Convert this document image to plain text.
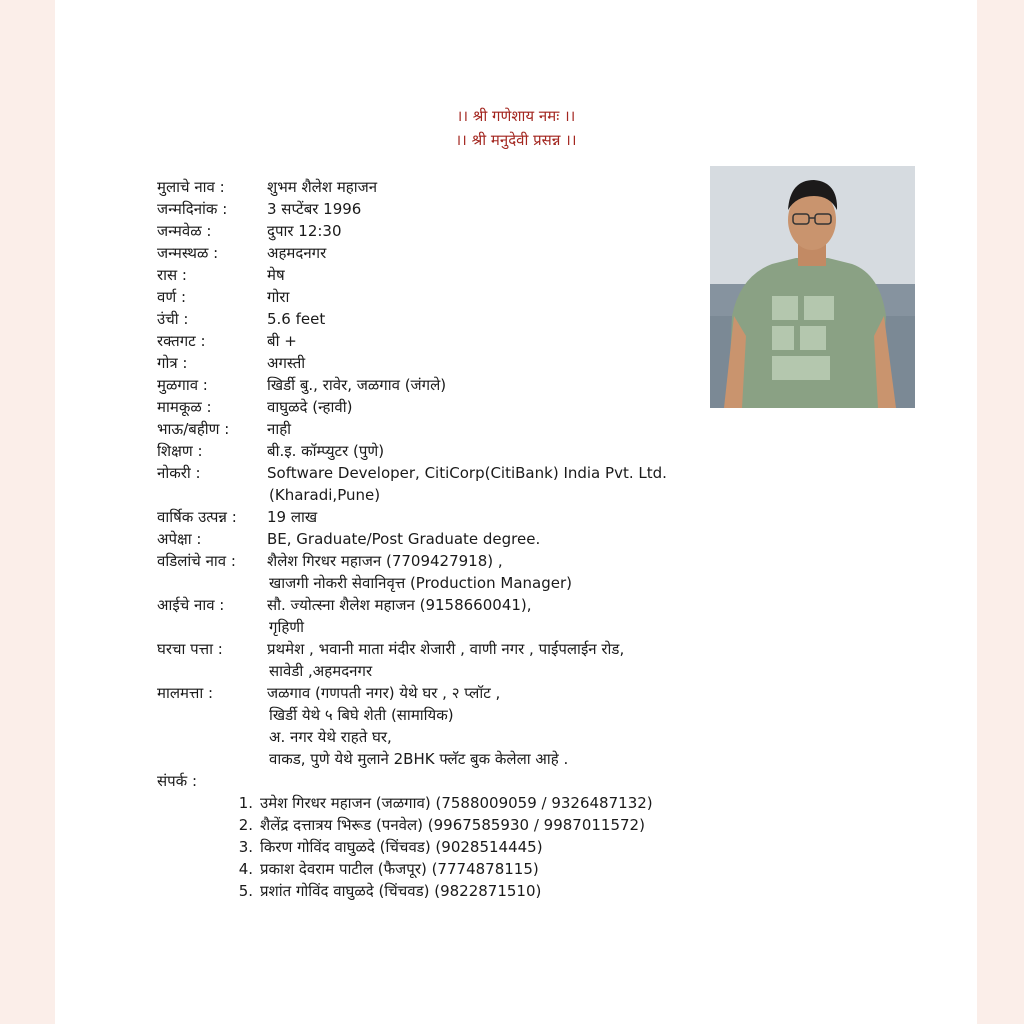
।। श्री गणेशाय नमः ।।
।। श्री मनुदेवी प्रसन्न ।।
मुलाचे नाव :	शुभम शैलेश महाजन
जन्मदिनांक :	3 सप्टेंबर 1996
जन्मवेळ :	दुपार 12:30
जन्मस्थळ :	अहमदनगर
रास :	मेष
वर्ण :	गोरा
उंची :	5.6 feet
रक्तगट :	बी +
गोत्र :	अगस्ती
मुळगाव :	खिर्डी बु., रावेर, जळगाव (जंगले)
मामकूळ :	वाघुळदे (न्हावी)
भाऊ/बहीण :	नाही
शिक्षण :	बी.इ. कॉम्प्युटर (पुणे)
नोकरी :	Software Developer, CitiCorp(CitiBank) India Pvt. Ltd.
(Kharadi,Pune)
वार्षिक उत्पन्न :	19 लाख
अपेक्षा :	BE, Graduate/Post Graduate degree.
वडिलांचे नाव :	शैलेश गिरधर महाजन (7709427918) ,
खाजगी नोकरी सेवानिवृत्त (Production Manager)
आईचे नाव :	सौ. ज्योत्स्ना शैलेश महाजन (9158660041),
गृहिणी
घरचा पत्ता :	प्रथमेश , भवानी माता मंदीर शेजारी , वाणी नगर , पाईपलाईन रोड,
सावेडी ,अहमदनगर
मालमत्ता :	जळगाव (गणपती नगर) येथे घर , २ प्लॉट ,
खिर्डी येथे ५ बिघे शेती (सामायिक)
अ. नगर येथे राहते घर,
वाकड, पुणे येथे मुलाने 2BHK फ्लॅट बुक केलेला आहे .
संपर्क :
1. उमेश गिरधर महाजन (जळगाव) (7588009059 / 9326487132)
2. शैलेंद्र दत्तात्रय भिरूड (पनवेल) (9967585930 / 9987011572)
3. किरण गोविंद वाघुळदे (चिंचवड) (9028514445)
4. प्रकाश देवराम पाटील (फैजपूर) (7774878115)
5. प्रशांत गोविंद वाघुळदे (चिंचवड) (9822871510)
